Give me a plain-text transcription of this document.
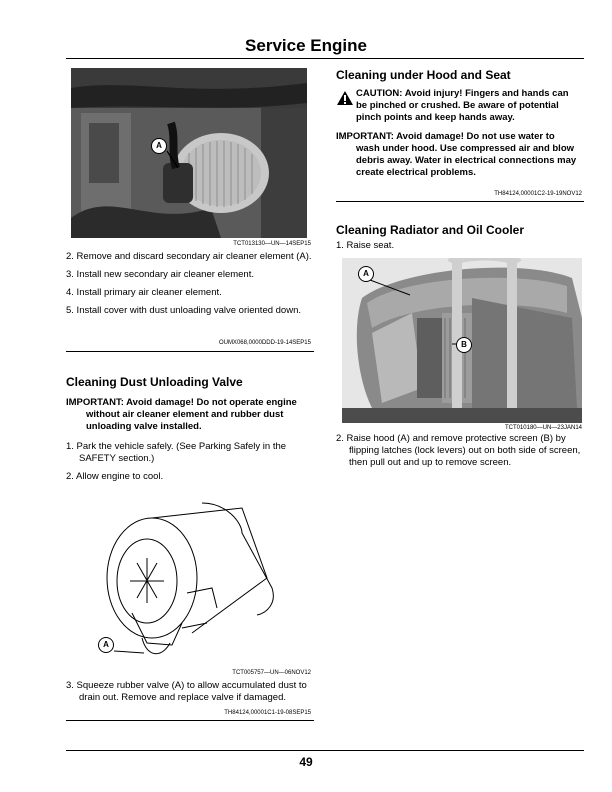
Service Engine
A
TCT013130—UN—14SEP15
2. Remove and discard secondary air cleaner element (A).
3. Install new secondary air cleaner element.
4. Install primary air cleaner element.
5. Install cover with dust unloading valve oriented down.
OUMX068,0000DDD-19-14SEP15
Cleaning Dust Unloading Valve
IMPORTANT: Avoid damage! Do not operate engine
without air cleaner element and rubber dust unloading valve installed.
1. Park the vehicle safely. (See Parking Safely in the SAFETY section.)
2. Allow engine to cool.
A
TCT005757—UN—06NOV12
3. Squeeze rubber valve (A) to allow accumulated dust to drain out. Remove and replace valve if damaged.
TH84124,00001C1-19-08SEP15
Cleaning under Hood and Seat
CAUTION: Avoid injury! Fingers and hands can
be pinched or crushed. Be aware of potential pinch points and keep hands away.
IMPORTANT: Avoid damage! Do not use water to
wash under hood. Use compressed air and blow debris away. Water in electrical connections may create electrical problems.
TH84124,00001C2-19-19NOV12
Cleaning Radiator and Oil Cooler
1. Raise seat.
A
B
TCT010180—UN—23JAN14
2. Raise hood (A) and remove protective screen (B) by flipping latches (lock levers) out on both side of screen, then pull out and up to remove screen.
49
